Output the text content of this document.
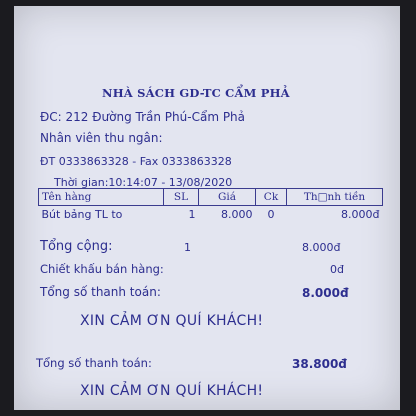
NHÀ SÁCH GD-TC CẨM PHẢ
ĐC: 212 Đường Trần Phú-Cẩm Phả
Nhân viên thu ngân:
ĐT 0333863328 - Fax 0333863328
Thời gian:10:14:07 - 13/08/2020
Tên hàng	SL	Giá	Ck	Th□nh tiền
Bút bảng TL to	1	8.000	0	8.000đ
Tổng cộng:	1	8.000đ
Chiết khấu bán hàng:	0đ
Tổng số thanh toán:	8.000đ
XIN CẢM ƠN QUÍ KHÁCH!
Tổng số thanh toán:	38.800đ
XIN CẢM ƠN QUÍ KHÁCH!
